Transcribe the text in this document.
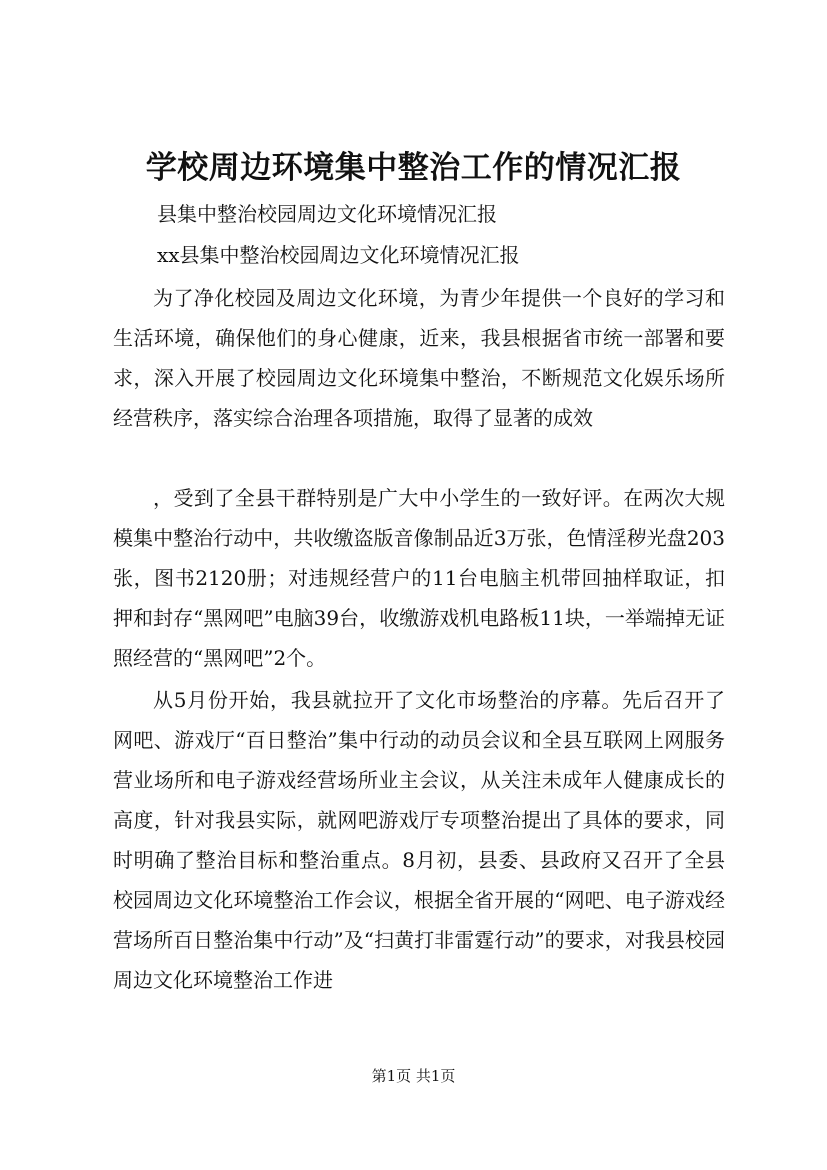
学校周边环境集中整治工作的情况汇报
县集中整治校园周边文化环境情况汇报
xx县集中整治校园周边文化环境情况汇报

为了净化校园及周边文化环境，为青少年提供一个良好的学习和生活环境，确保他们的身心健康，近来，我县根据省市统一部署和要求，深入开展了校园周边文化环境集中整治，不断规范文化娱乐场所经营秩序，落实综合治理各项措施，取得了显著的成效

，受到了全县干群特别是广大中小学生的一致好评。在两次大规模集中整治行动中，共收缴盗版音像制品近3万张，色情淫秽光盘203张，图书2120册；对违规经营户的11台电脑主机带回抽样取证，扣押和封存“黑网吧”电脑39台，收缴游戏机电路板11块，一举端掉无证照经营的“黑网吧”2个。

从5月份开始，我县就拉开了文化市场整治的序幕。先后召开了网吧、游戏厅“百日整治”集中行动的动员会议和全县互联网上网服务营业场所和电子游戏经营场所业主会议，从关注未成年人健康成长的高度，针对我县实际，就网吧游戏厅专项整治提出了具体的要求，同时明确了整治目标和整治重点。8月初，县委、县政府又召开了全县校园周边文化环境整治工作会议，根据全省开展的“网吧、电子游戏经营场所百日整治集中行动”及“扫黄打非雷霆行动”的要求，对我县校园周边文化环境整治工作进

第1页 共1页
